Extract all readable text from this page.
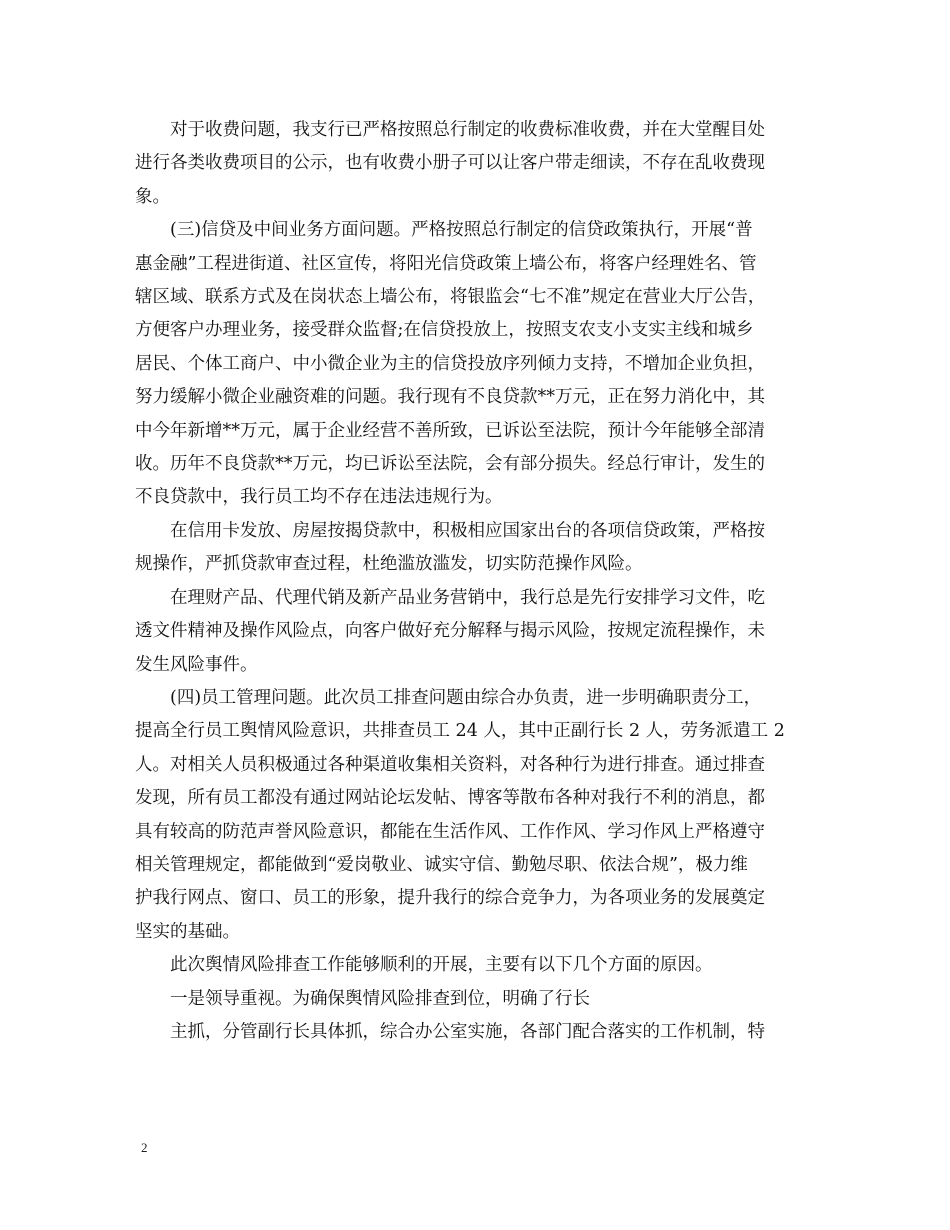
　　对于收费问题，我支行已严格按照总行制定的收费标准收费，并在大堂醒目处
进行各类收费项目的公示，也有收费小册子可以让客户带走细读，不存在乱收费现
象。

　　(三)信贷及中间业务方面问题。严格按照总行制定的信贷政策执行，开展“普
惠金融”工程进街道、社区宣传，将阳光信贷政策上墙公布，将客户经理姓名、管
辖区域、联系方式及在岗状态上墙公布，将银监会“七不准”规定在营业大厅公告，
方便客户办理业务，接受群众监督;在信贷投放上，按照支农支小支实主线和城乡
居民、个体工商户、中小微企业为主的信贷投放序列倾力支持，不增加企业负担，
努力缓解小微企业融资难的问题。我行现有不良贷款**万元，正在努力消化中，其
中今年新增**万元，属于企业经营不善所致，已诉讼至法院，预计今年能够全部清
收。历年不良贷款**万元，均已诉讼至法院，会有部分损失。经总行审计，发生的
不良贷款中，我行员工均不存在违法违规行为。

　　在信用卡发放、房屋按揭贷款中，积极相应国家出台的各项信贷政策，严格按
规操作，严抓贷款审查过程，杜绝滥放滥发，切实防范操作风险。

　　在理财产品、代理代销及新产品业务营销中，我行总是先行安排学习文件，吃
透文件精神及操作风险点，向客户做好充分解释与揭示风险，按规定流程操作，未
发生风险事件。

　　(四)员工管理问题。此次员工排查问题由综合办负责，进一步明确职责分工，
提高全行员工舆情风险意识，共排查员工 24 人，其中正副行长 2 人，劳务派遣工 2
人。对相关人员积极通过各种渠道收集相关资料，对各种行为进行排查。通过排查
发现，所有员工都没有通过网站论坛发帖、博客等散布各种对我行不利的消息，都
具有较高的防范声誉风险意识，都能在生活作风、工作作风、学习作风上严格遵守
相关管理规定，都能做到“爱岗敬业、诚实守信、勤勉尽职、依法合规”，极力维
护我行网点、窗口、员工的形象，提升我行的综合竞争力，为各项业务的发展奠定
坚实的基础。

　　此次舆情风险排查工作能够顺利的开展，主要有以下几个方面的原因。

　　一是领导重视。为确保舆情风险排查到位，明确了行长

　　主抓，分管副行长具体抓，综合办公室实施，各部门配合落实的工作机制，特

2
